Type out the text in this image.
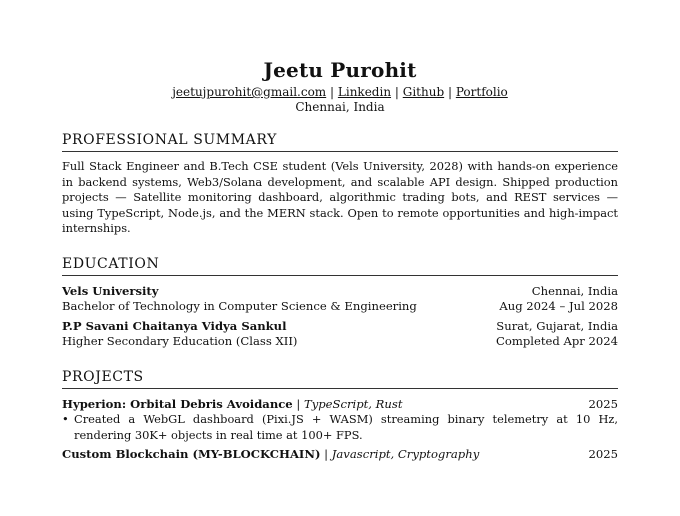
Jeetu Purohit
jeetujpurohit@gmail.com | Linkedin | Github | Portfolio
Chennai, India
PROFESSIONAL SUMMARY
Full Stack Engineer and B.Tech CSE student (Vels University, 2028) with hands-on experience in backend systems, Web3/Solana development, and scalable API design. Shipped production projects — Satellite monitoring dashboard, algorithmic trading bots, and REST services — using TypeScript, Node.js, and the MERN stack. Open to remote opportunities and high-impact internships.
EDUCATION
Vels University	Chennai, India
Bachelor of Technology in Computer Science & Engineering	Aug 2024 – Jul 2028
P.P Savani Chaitanya Vidya Sankul	Surat, Gujarat, India
Higher Secondary Education (Class XII)	Completed Apr 2024
PROJECTS
Hyperion: Orbital Debris Avoidance | TypeScript, Rust	2025
• Created a WebGL dashboard (Pixi.JS + WASM) streaming binary telemetry at 10 Hz, rendering 30K+ objects in real time at 100+ FPS.
Custom Blockchain (MY-BLOCKCHAIN) | Javascript, Cryptography	2025
